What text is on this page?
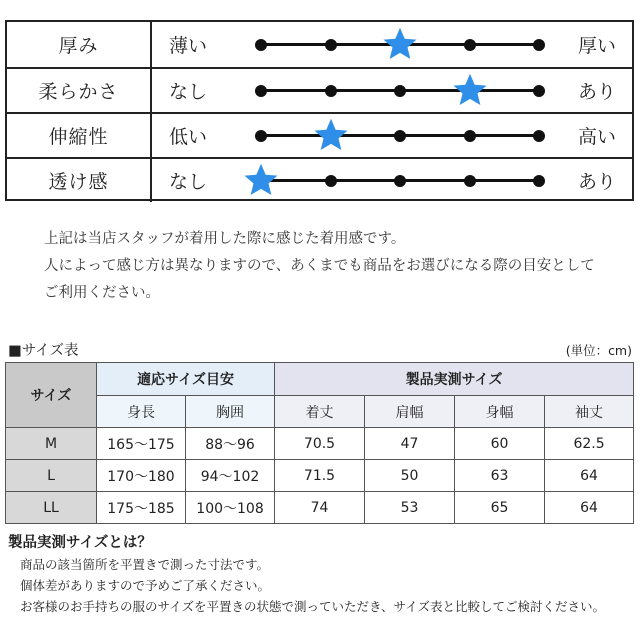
厚み	薄い	厚い
柔らかさ	なし	あり
伸縮性	低い	高い
透け感	なし	あり

上記は当店スタッフが着用した際に感じた着用感です。

人によって感じ方は異なりますので、あくまでも商品をお選びになる際の目安として

ご利用ください。

■サイズ表	(単位：cm)
サイズ	適応サイズ目安		製品実測サイズ			
	身長	胸囲	着丈	肩幅	身幅	袖丈
M	165～175	88～96	70.5	47	60	62.5
L	170～180	94～102	71.5	50	63	64
LL	175～185	100～108	74	53	65	64
製品実測サイズとは？

商品の該当箇所を平置きで測った寸法です。

個体差がありますので予めご了承ください。

お客様のお手持ちの服のサイズを平置きの状態で測っていただき、サイズ表と比較してご検討ください。
